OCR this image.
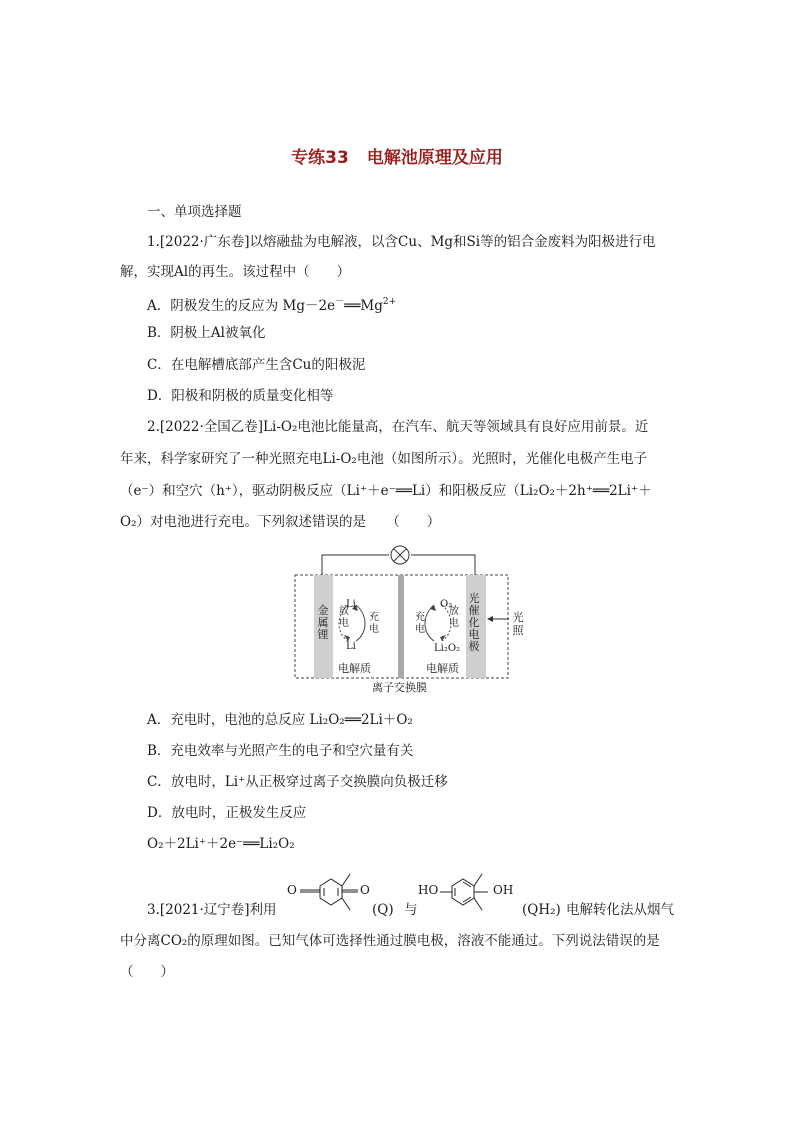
专练33 电解池原理及应用
一、单项选择题
1.[2022·广东卷]以熔融盐为电解液，以含Cu、Mg和Si等的铝合金废料为阳极进行电
解，实现Al的再生。该过程中（　　）
A．阴极发生的反应为 $Mg-2e^-══Mg^{2+}$
B．阴极上Al被氧化
C．在电解槽底部产生含Cu的阳极泥
D．阳极和阴极的质量变化相等
2.[2022·全国乙卷]Li-O₂电池比能量高，在汽车、航天等领域具有良好应用前景。近
年来，科学家研究了一种光照充电Li-O₂电池（如图所示）。光照时，光催化电极产生电子
（e⁻）和空穴（h⁺），驱动阴极反应（Li⁺＋e⁻══Li）和阳极反应（Li₂O₂＋2h⁺══2Li⁺＋
O₂）对电池进行充电。下列叙述错误的是　　（　　）
金属锂
光催化电极
光照
Li
Li
放电
充电
O₂
Li₂O₂
充电
放电
电解质	电解质
离子交换膜
A．充电时，电池的总反应 Li₂O₂══2Li＋O₂
B．充电效率与光照产生的电子和空穴量有关
C．放电时，Li⁺从正极穿过离子交换膜向负极迁移
D．放电时，正极发生反应
O₂＋2Li⁺＋2e⁻══Li₂O₂
O	O	HO	OH
3.[2021·辽宁卷]利用	(Q) 与	(QH₂) 电解转化法从烟气
中分离CO₂的原理如图。已知气体可选择性通过膜电极，溶液不能通过。下列说法错误的是
（　　）
